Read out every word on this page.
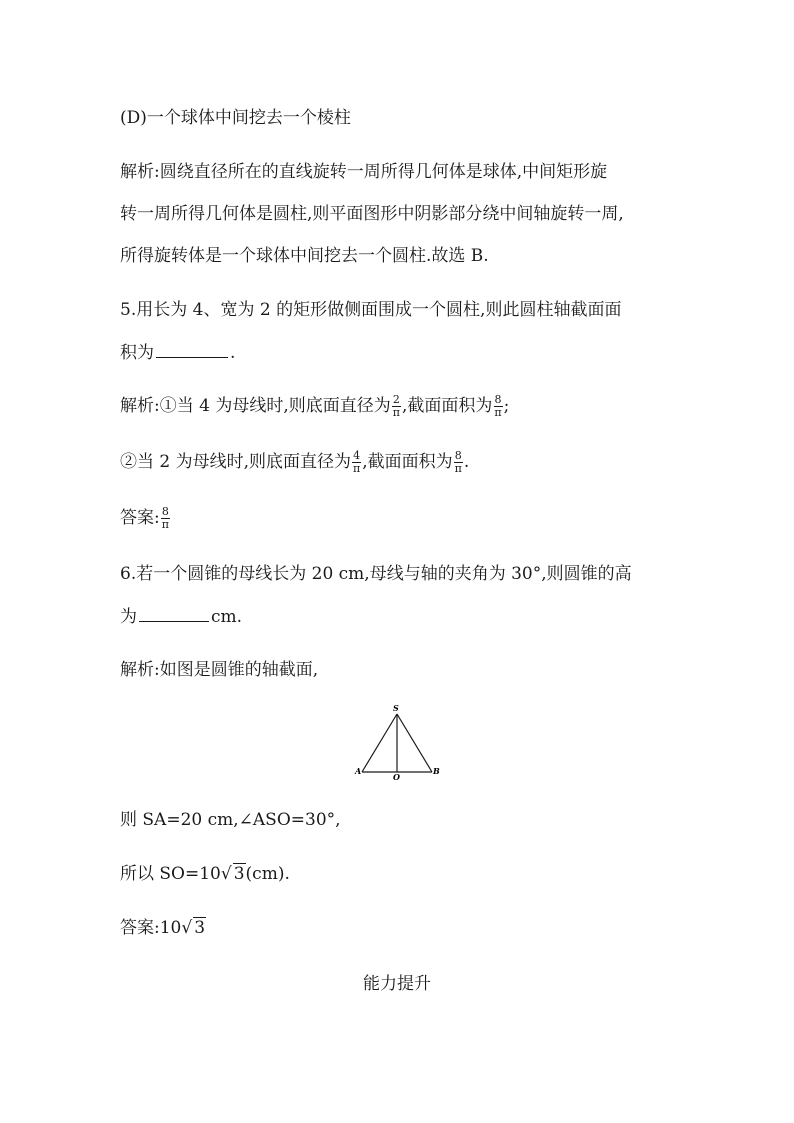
(D)一个球体中间挖去一个棱柱
解析:圆绕直径所在的直线旋转一周所得几何体是球体,中间矩形旋
转一周所得几何体是圆柱,则平面图形中阴影部分绕中间轴旋转一周,
所得旋转体是一个球体中间挖去一个圆柱.故选 B.
5.用长为 4、宽为 2 的矩形做侧面围成一个圆柱,则此圆柱轴截面面
积为	.
解析:①当 4 为母线时,则底面直径为 $\frac{2}{\pi}$ ,截面面积为 $\frac{8}{\pi}$ ;
②当 2 为母线时,则底面直径为 $\frac{4}{\pi}$ ,截面面积为 $\frac{8}{\pi}$ .
答案: $\frac{8}{\pi}$
6.若一个圆锥的母线长为 20 cm,母线与轴的夹角为 30°,则圆锥的高
为	cm.
解析:如图是圆锥的轴截面,
S
A
O
B
则 SA=20 cm,∠ASO=30°,
所以 SO=10√ 3(cm).
答案:10√ 3
能力提升
